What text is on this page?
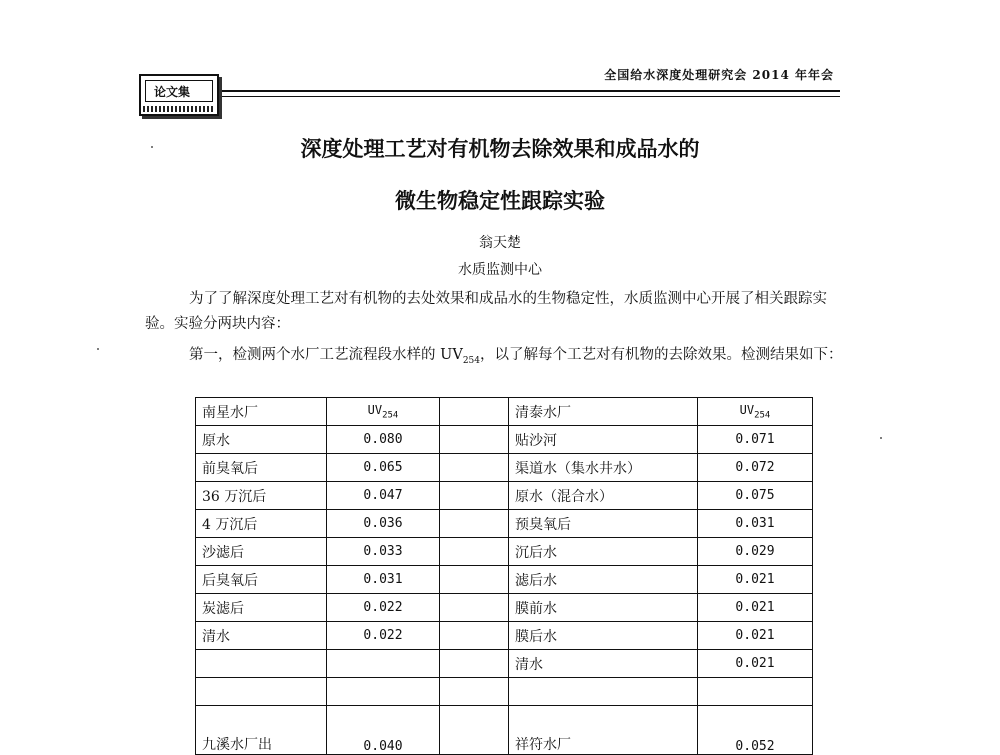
全国给水深度处理研究会 2014 年年会
论文集
深度处理工艺对有机物去除效果和成品水的
微生物稳定性跟踪实验
翁天楚
水质监测中心
为了了解深度处理工艺对有机物的去处效果和成品水的生物稳定性，水质监测中心开展了相关跟踪实验。实验分两块内容：
第一，检测两个水厂工艺流程段水样的 $UV_{254}$，以了解每个工艺对有机物的去除效果。检测结果如下：
南星水厂	$UV_{254}$		清泰水厂	$UV_{254}$
原水	0.080		贴沙河	0.071
前臭氧后	0.065		渠道水（集水井水）	0.072
36 万沉后	0.047		原水（混合水）	0.075
4 万沉后	0.036		预臭氧后	0.031
沙滤后	0.033		沉后水	0.029
后臭氧后	0.031		滤后水	0.021
炭滤后	0.022		膜前水	0.021
清水	0.022		膜后水	0.021
			清水	0.021

九溪水厂出	0.040		祥符水厂	0.052
